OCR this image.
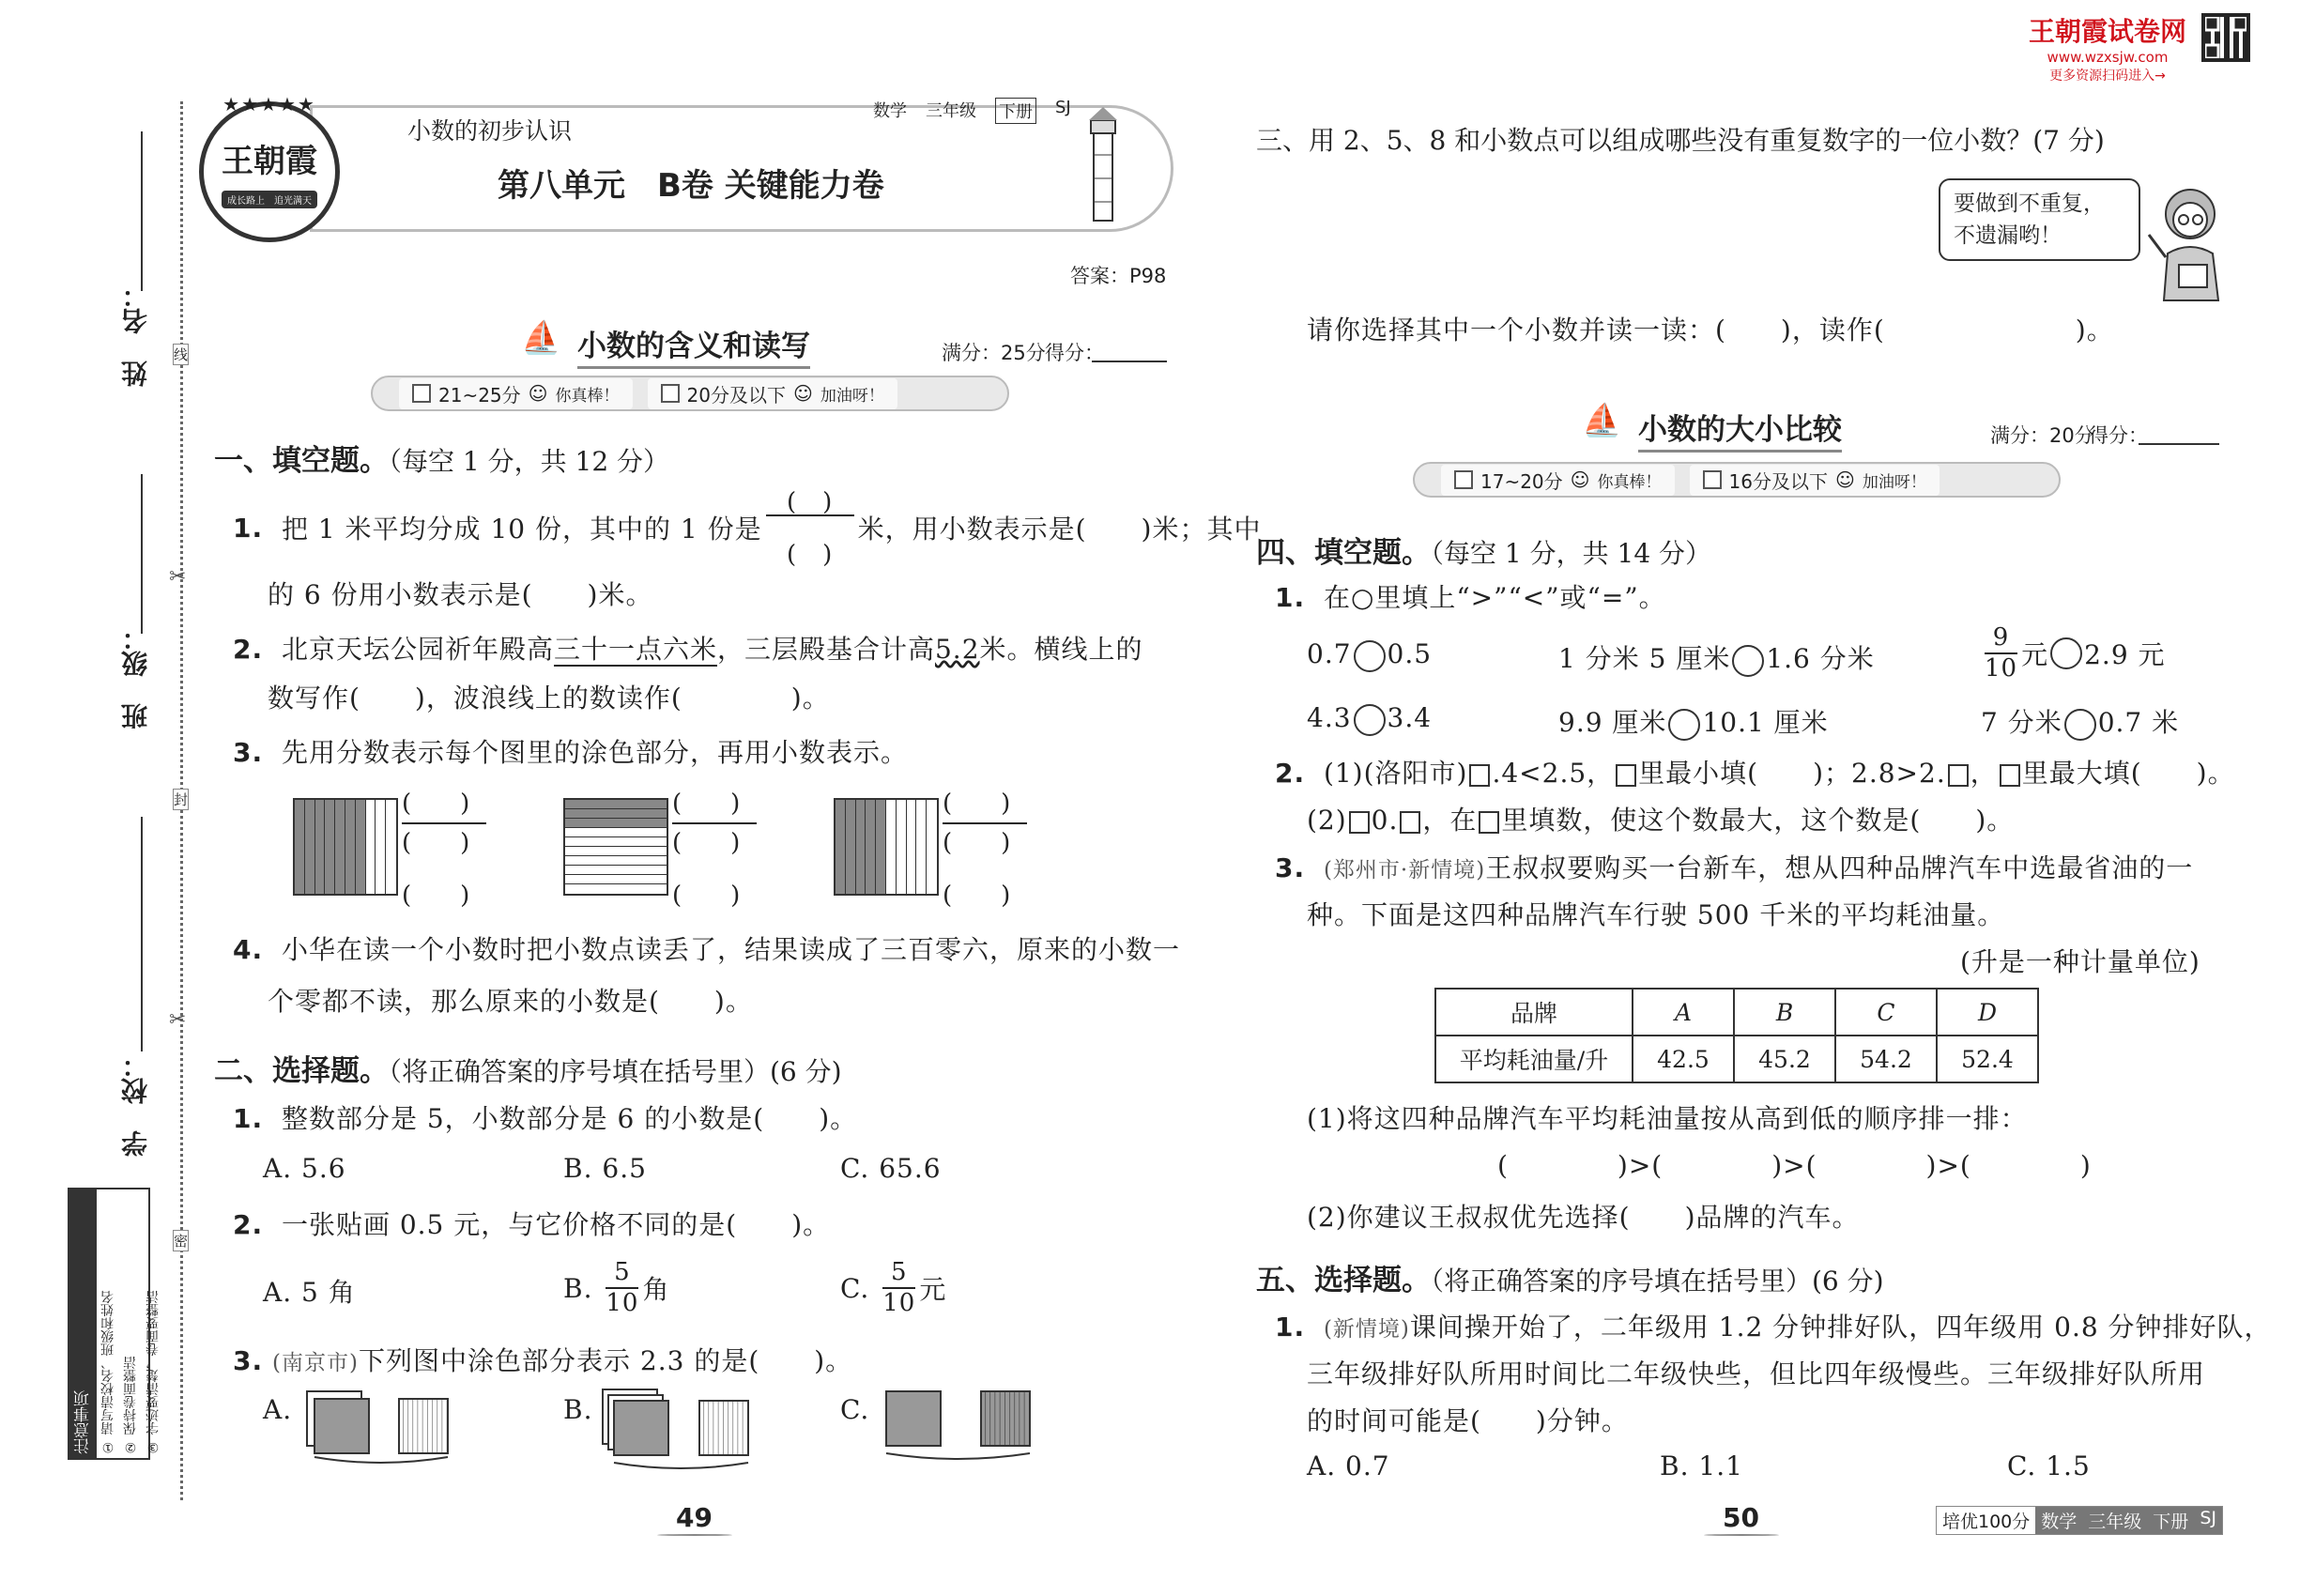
王朝霞试卷网
www.wzxsjw.com
更多资源扫码进入→
姓　名：
班　级：
学　校：
线
封
密
✂
✂
注意事项 ① 请写清校名、班级和姓名 ② 保持卷面整洁 ③ 字迹要清楚，卷面要整洁
★★★★★
王朝霞
成长路上　追光满天
小数的初步认识
数学 三年级 下册 SJ
第八单元　B卷 关键能力卷
答案：P98
⛵ 小数的含义和读写	满分：25分 得分：
21~25分 ☺ 你真棒！	20分及以下 ☺ 加油呀！
一、填空题。（每空 1 分，共 12 分）
1.
把 1 米平均分成 10 份，其中的 1 份是
(　)
(　)
米，用小数表示是(　　)米；其中
的 6 份用小数表示是(　　)米。
2. 北京天坛公园祈年殿高三十一点六米，三层殿基合计高5.2米。横线上的
数写作(　　)，波浪线上的数读作(　　　　)。
3. 先用分数表示每个图里的涂色部分，再用小数表示。
(　　)
(　　)
(　　)
(　　)
(　　)
(　　)
(　　)
(　　)
(　　)
4. 小华在读一个小数时把小数点读丢了，结果读成了三百零六，原来的小数一
个零都不读，那么原来的小数是(　　)。
二、选择题。（将正确答案的序号填在括号里）(6 分)
1. 整数部分是 5，小数部分是 6 的小数是(　　)。
A. 5.6	B. 6.5	C. 65.6
2. 一张贴画 0.5 元，与它价格不同的是(　　)。
A. 5 角	B.
$\frac{5}{10}$ 角	C.
$\frac{5}{10}$ 元
3. (南京市)下列图中涂色部分表示 2.3 的是(　　)。
A.	B.	C.
49
三、用 2、5、8 和小数点可以组成哪些没有重复数字的一位小数？(7 分)
要做到不重复，
不遗漏哟！
请你选择其中一个小数并读一读：(　　)，读作(　　　　　　　)。
⛵ 小数的大小比较	满分：20分
得分：
17~20分 ☺ 你真棒！	16分及以下 ☺ 加油呀！
四、填空题。（每空 1 分，共 14 分）
1. 在○里填上“>”“<”或“=”。
0.7 0.5	1 分米 5 厘米 1.6 分米	$\frac{9}{10}$ 元 2.9 元
4.3 3.4	9.9 厘米 10.1 厘米	7 分米 0.7 米
2. (1)(洛阳市) .4<2.5， 里最小填(　　)；2.8>2. ， 里最大填(　　)。
(2) 0. ，在 里填数，使这个数最大，这个数是(　　)。
3. (郑州市·新情境)王叔叔要购买一台新车，想从四种品牌汽车中选最省油的一
种。下面是这四种品牌汽车行驶 500 千米的平均耗油量。
(升是一种计量单位)
品牌	A	B	C	D
平均耗油量/升	42.5	45.2	54.2	52.4
(1)将这四种品牌汽车平均耗油量按从高到低的顺序排一排：
(　　　　)>(　　　　)>(　　　　)>(　　　　)
(2)你建议王叔叔优先选择(　　)品牌的汽车。
五、选择题。（将正确答案的序号填在括号里）(6 分)
1. (新情境)课间操开始了，二年级用 1.2 分钟排好队，四年级用 0.8 分钟排好队，
三年级排好队所用时间比二年级快些，但比四年级慢些。三年级排好队所用
的时间可能是(　　)分钟。
A. 0.7	B. 1.1	C. 1.5
50	培优100分 数学 三年级 下册 SJ
